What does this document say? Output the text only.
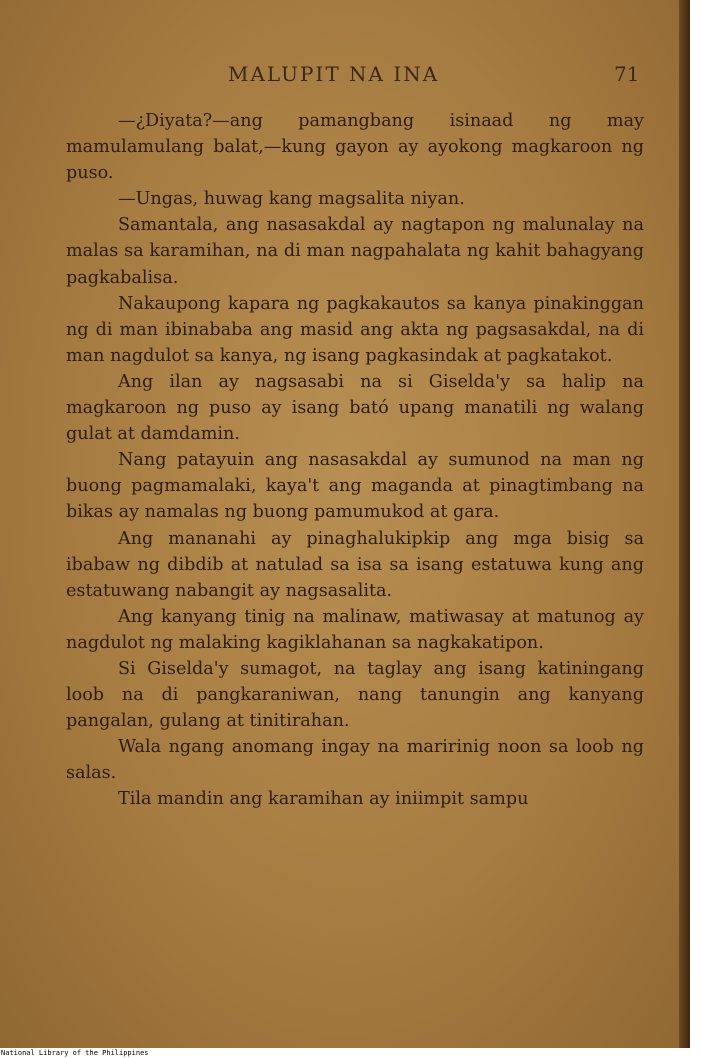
MALUPIT NA INA	71

—¿Diyata?—ang pamangbang isinaad ng may mamulamulang balat,—kung gayon ay ayokong magkaroon ng puso.

—Ungas, huwag kang magsalita niyan.

Samantala, ang nasasakdal ay nagtapon ng malunalay na malas sa karamihan, na di man nagpahalata ng kahit bahagyang pagkabalisa.

Nakaupong kapara ng pagkakautos sa kanya pinakinggan ng di man ibinababa ang masid ang akta ng pagsasakdal, na di man nagdulot sa kanya, ng isang pagkasindak at pagkatakot.

Ang ilan ay nagsasabi na si Giselda'y sa halip na magkaroon ng puso ay isang bató upang manatili ng walang gulat at damdamin.

Nang patayuin ang nasasakdal ay sumunod na man ng buong pagmamalaki, kaya't ang maganda at pinagtimbang na bikas ay namalas ng buong pamumukod at gara.

Ang mananahi ay pinaghalukipkip ang mga bisig sa ibabaw ng dibdib at natulad sa isa sa isang estatuwa kung ang estatuwang nabangit ay nagsasalita.

Ang kanyang tinig na malinaw, matiwasay at matunog ay nagdulot ng malaking kagiklahanan sa nagkakatipon.

Si Giselda'y sumagot, na taglay ang isang katiningang loob na di pangkaraniwan, nang tanungin ang kanyang pangalan, gulang at tinitirahan.

Wala ngang anomang ingay na maririnig noon sa loob ng salas.

Tila mandin ang karamihan ay iniimpit sampu

National Library of the Philippines
